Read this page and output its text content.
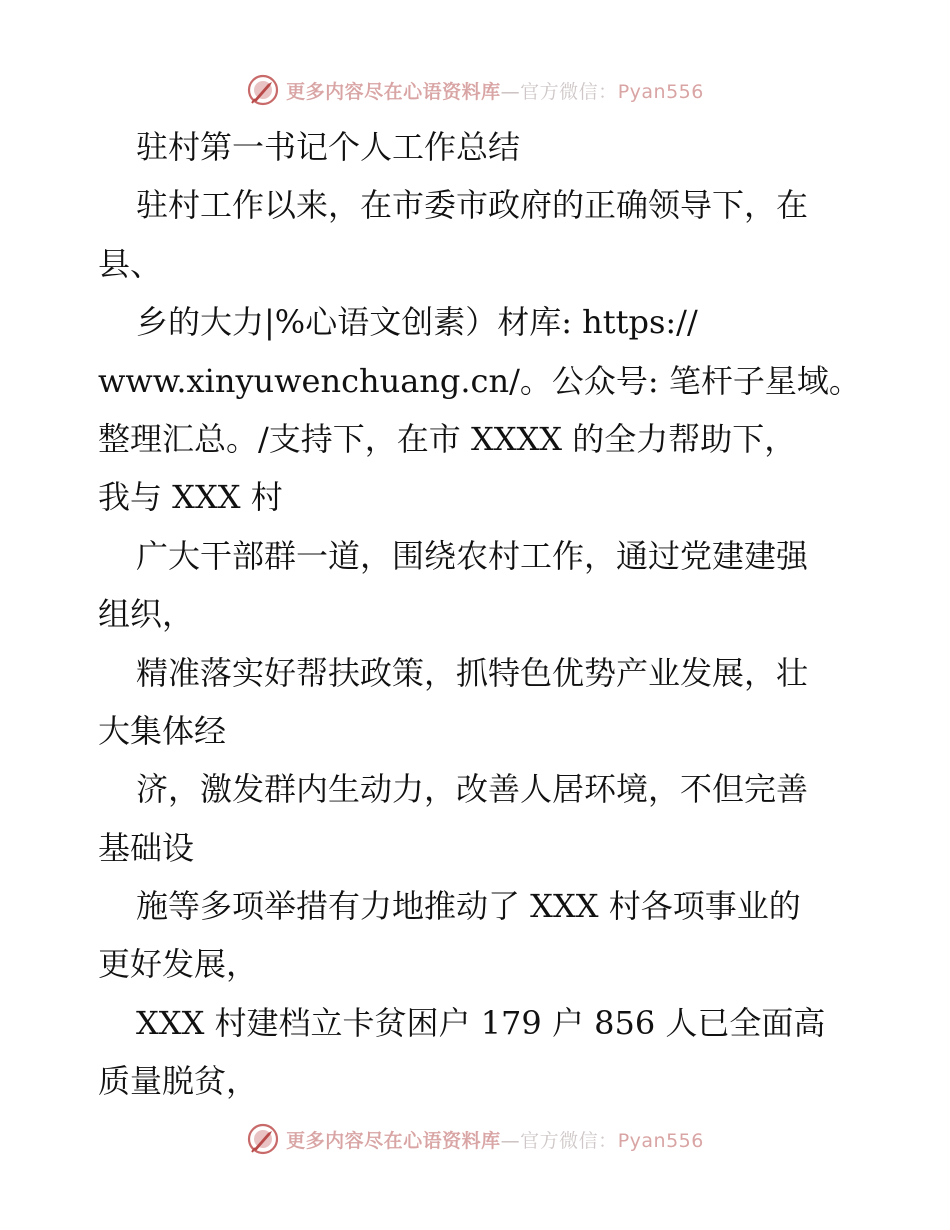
更多内容尽在心语资料库—官方微信：Pyan556
驻村第一书记个人工作总结
驻村工作以来，在市委市政府的正确领导下，在
县、
乡的大力|%心语文创素）材库: https://
www.xinyuwenchuang.cn/。公众号: 笔杆子星域。
整理汇总。/支持下，在市 XXXX 的全力帮助下，
我与 XXX 村
广大干部群一道，围绕农村工作，通过党建建强
组织，
精准落实好帮扶政策，抓特色优势产业发展，壮
大集体经
济，激发群内生动力，改善人居环境，不但完善
基础设
施等多项举措有力地推动了 XXX 村各项事业的
更好发展，
XXX 村建档立卡贫困户 179 户 856 人已全面高
质量脱贫，
更多内容尽在心语资料库—官方微信：Pyan556
